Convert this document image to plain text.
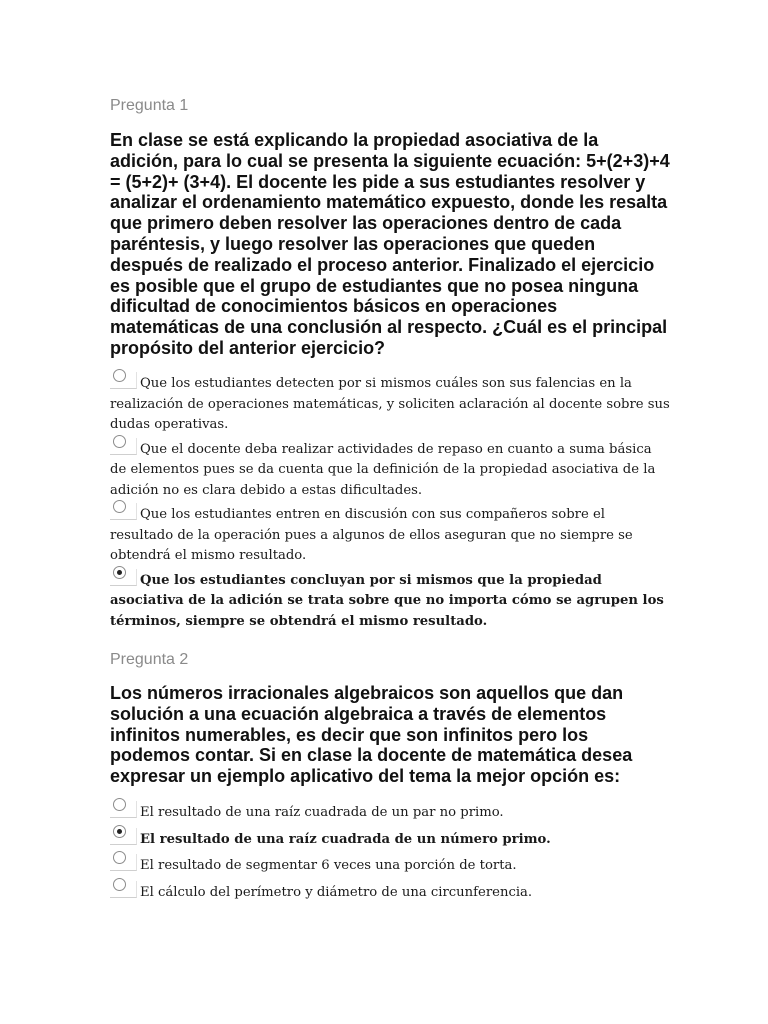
Pregunta 1
En clase se está explicando la propiedad asociativa de la adición, para lo cual se presenta la siguiente ecuación: 5+(2+3)+4 = (5+2)+ (3+4). El docente les pide a sus estudiantes resolver y analizar el ordenamiento matemático expuesto, donde les resalta que primero deben resolver las operaciones dentro de cada paréntesis, y luego resolver las operaciones que queden después de realizado el proceso anterior. Finalizado el ejercicio es posible que el grupo de estudiantes que no posea ninguna dificultad de conocimientos básicos en operaciones matemáticas de una conclusión al respecto. ¿Cuál es el principal propósito del anterior ejercicio?
Que los estudiantes detecten por si mismos cuáles son sus falencias en la realización de operaciones matemáticas, y soliciten aclaración al docente sobre sus dudas operativas.
Que el docente deba realizar actividades de repaso en cuanto a suma básica de elementos pues se da cuenta que la definición de la propiedad asociativa de la adición no es clara debido a estas dificultades.
Que los estudiantes entren en discusión con sus compañeros sobre el resultado de la operación pues a algunos de ellos aseguran que no siempre se obtendrá el mismo resultado.
Que los estudiantes concluyan por si mismos que la propiedad asociativa de la adición se trata sobre que no importa cómo se agrupen los términos, siempre se obtendrá el mismo resultado.
Pregunta 2
Los números irracionales algebraicos son aquellos que dan solución a una ecuación algebraica a través de elementos infinitos numerables, es decir que son infinitos pero los podemos contar. Si en clase la docente de matemática desea expresar un ejemplo aplicativo del tema la mejor opción es:
El resultado de una raíz cuadrada de un par no primo.
El resultado de una raíz cuadrada de un número primo.
El resultado de segmentar 6 veces una porción de torta.
El cálculo del perímetro y diámetro de una circunferencia.
